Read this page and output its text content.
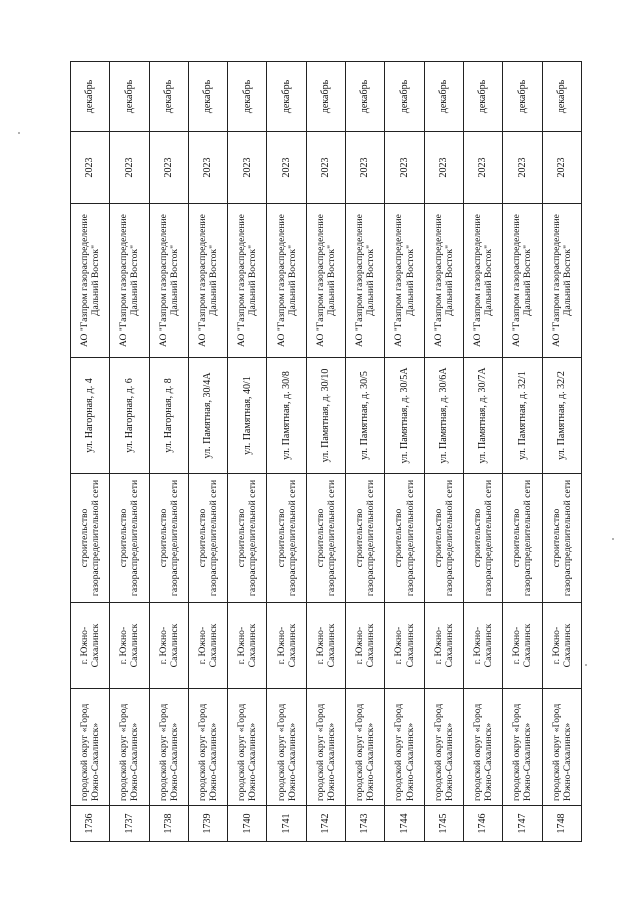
1736	городской округ «Город Южно-Сахалинск»	г. Южно-Сахалинск	строительство газораспределительной сети	ул. Нагорная, д. 4	АО "Газпром газораспределение Дальний Восток"	2023	декабрь
1737	городской округ «Город Южно-Сахалинск»	г. Южно-Сахалинск	строительство газораспределительной сети	ул. Нагорная, д. 6	АО "Газпром газораспределение Дальний Восток"	2023	декабрь
1738	городской округ «Город Южно-Сахалинск»	г. Южно-Сахалинск	строительство газораспределительной сети	ул. Нагорная, д. 8	АО "Газпром газораспределение Дальний Восток"	2023	декабрь
1739	городской округ «Город Южно-Сахалинск»	г. Южно-Сахалинск	строительство газораспределительной сети	ул. Памятная, 30/4А	АО "Газпром газораспределение Дальний Восток"	2023	декабрь
1740	городской округ «Город Южно-Сахалинск»	г. Южно-Сахалинск	строительство газораспределительной сети	ул. Памятная, 40/1	АО "Газпром газораспределение Дальний Восток"	2023	декабрь
1741	городской округ «Город Южно-Сахалинск»	г. Южно-Сахалинск	строительство газораспределительной сети	ул. Памятная, д. 30/8	АО "Газпром газораспределение Дальний Восток"	2023	декабрь
1742	городской округ «Город Южно-Сахалинск»	г. Южно-Сахалинск	строительство газораспределительной сети	ул. Памятная, д. 30/10	АО "Газпром газораспределение Дальний Восток"	2023	декабрь
1743	городской округ «Город Южно-Сахалинск»	г. Южно-Сахалинск	строительство газораспределительной сети	ул. Памятная, д. 30/5	АО "Газпром газораспределение Дальний Восток"	2023	декабрь
1744	городской округ «Город Южно-Сахалинск»	г. Южно-Сахалинск	строительство газораспределительной сети	ул. Памятная, д. 30/5А	АО "Газпром газораспределение Дальний Восток"	2023	декабрь
1745	городской округ «Город Южно-Сахалинск»	г. Южно-Сахалинск	строительство газораспределительной сети	ул. Памятная, д. 30/6А	АО "Газпром газораспределение Дальний Восток"	2023	декабрь
1746	городской округ «Город Южно-Сахалинск»	г. Южно-Сахалинск	строительство газораспределительной сети	ул. Памятная, д. 30/7А	АО "Газпром газораспределение Дальний Восток"	2023	декабрь
1747	городской округ «Город Южно-Сахалинск»	г. Южно-Сахалинск	строительство газораспределительной сети	ул. Памятная, д. 32/1	АО "Газпром газораспределение Дальний Восток"	2023	декабрь
1748	городской округ «Город Южно-Сахалинск»	г. Южно-Сахалинск	строительство газораспределительной сети	ул. Памятная, д. 32/2	АО "Газпром газораспределение Дальний Восток"	2023	декабрь
